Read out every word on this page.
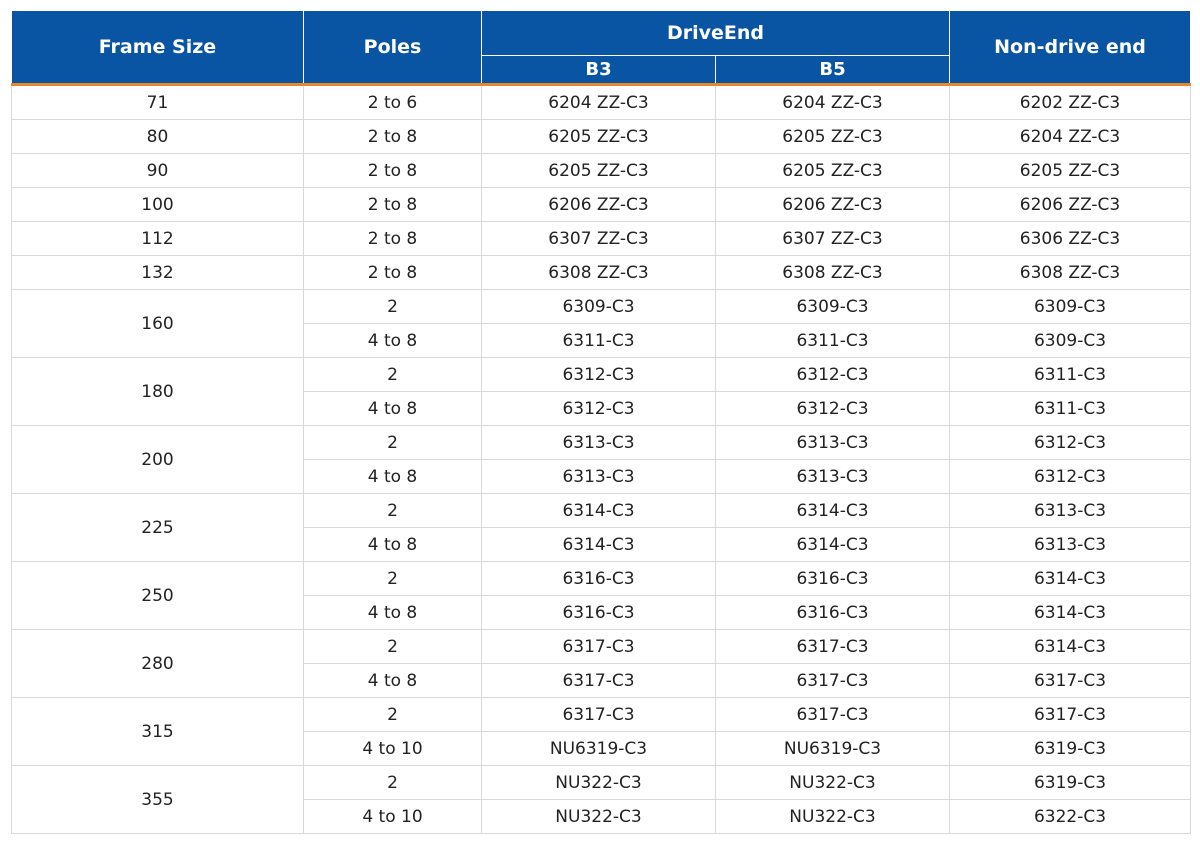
Frame Size	Poles	DriveEnd		Non-drive end
		B3	B5	
71	2 to 6	6204 ZZ-C3	6204 ZZ-C3	6202 ZZ-C3
80	2 to 8	6205 ZZ-C3	6205 ZZ-C3	6204 ZZ-C3
90	2 to 8	6205 ZZ-C3	6205 ZZ-C3	6205 ZZ-C3
100	2 to 8	6206 ZZ-C3	6206 ZZ-C3	6206 ZZ-C3
112	2 to 8	6307 ZZ-C3	6307 ZZ-C3	6306 ZZ-C3
132	2 to 8	6308 ZZ-C3	6308 ZZ-C3	6308 ZZ-C3
160	2	6309-C3	6309-C3	6309-C3
	4 to 8	6311-C3	6311-C3	6309-C3
180	2	6312-C3	6312-C3	6311-C3
	4 to 8	6312-C3	6312-C3	6311-C3
200	2	6313-C3	6313-C3	6312-C3
	4 to 8	6313-C3	6313-C3	6312-C3
225	2	6314-C3	6314-C3	6313-C3
	4 to 8	6314-C3	6314-C3	6313-C3
250	2	6316-C3	6316-C3	6314-C3
	4 to 8	6316-C3	6316-C3	6314-C3
280	2	6317-C3	6317-C3	6314-C3
	4 to 8	6317-C3	6317-C3	6317-C3
315	2	6317-C3	6317-C3	6317-C3
	4 to 10	NU6319-C3	NU6319-C3	6319-C3
355	2	NU322-C3	NU322-C3	6319-C3
	4 to 10	NU322-C3	NU322-C3	6322-C3
